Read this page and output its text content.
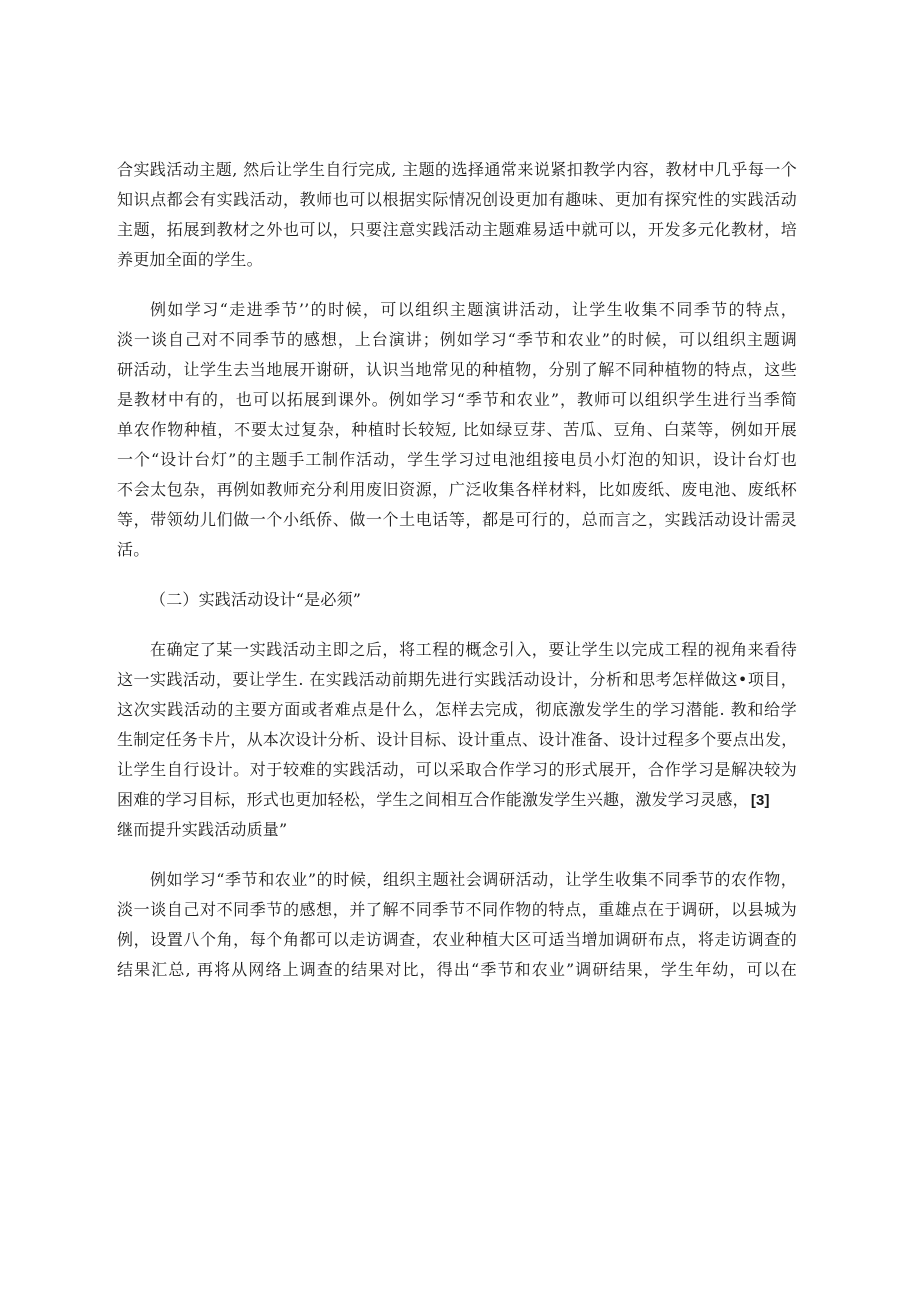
合实践活动主题, 然后让学生自行完成, 主题的选择通常来说紧扣教学内容，教材中几乎每一个
知识点都会有实践活动，教师也可以根据实际情况创设更加有趣味、更加有探究性的实践活动
主题，拓展到教材之外也可以，只要注意实践活动主题难易适中就可以，开发多元化教材，培
养更加全面的学生。
例如学习“走进季节’’的时候，可以组织主题演讲活动，让学生收集不同季节的特点，
淡一谈自己对不同季节的感想，上台演讲；例如学习“季节和农业”的时候，可以组织主题调
研活动，让学生去当地展开谢研，认识当地常见的种植物，分别了解不同种植物的特点，这些
是教材中有的，也可以拓展到课外。例如学习“季节和农业”，教师可以组织学生进行当季简
单农作物种植，不要太过复杂，种植时长较短, 比如绿豆芽、苦瓜、豆角、白菜等，例如开展
一个“设计台灯”的主题手工制作活动，学生学习过电池组接电员小灯泡的知识，设计台灯也
不会太包杂，再例如教师充分利用废旧资源，广泛收集各样材料，比如废纸、废电池、废纸杯
等，带领幼儿们做一个小纸侨、做一个土电话等，都是可行的，总而言之，实践活动设计需灵
活。
（二）实践活动设计“是必须”
在确定了某一实践活动主即之后，将工程的概念引入，要让学生以完成工程的视角来看待
这一实践活动，要让学生. 在实践活动前期先进行实践活动设计，分析和思考怎样做这•项目，
这次实践活动的主要方面或者难点是什么，怎样去完成，彻底激发学生的学习潜能. 教和给学
生制定任务卡片，从本次设计分析、设计目标、设计重点、设计准备、设计过程多个要点出发，
让学生自行设计。对于较难的实践活动，可以采取合作学习的形式展开，合作学习是解决较为
困难的学习目标，形式也更加轻松，学生之间相互合作能激发学生兴趣，激发学习灵感， [3]
继而提升实践活动质量”
例如学习“季节和农业”的时候，组织主题社会调研活动，让学生收集不同季节的农作物，
淡一谈自己对不同季节的感想，并了解不同季节不同作物的特点，重雄点在于调研，以县城为
例，设置八个角，每个角都可以走访调查，农业种植大区可适当增加调研布点，将走访调查的
结果汇总, 再将从网络上调查的结果对比，得出“季节和农业”调研结果，学生年幼，可以在
